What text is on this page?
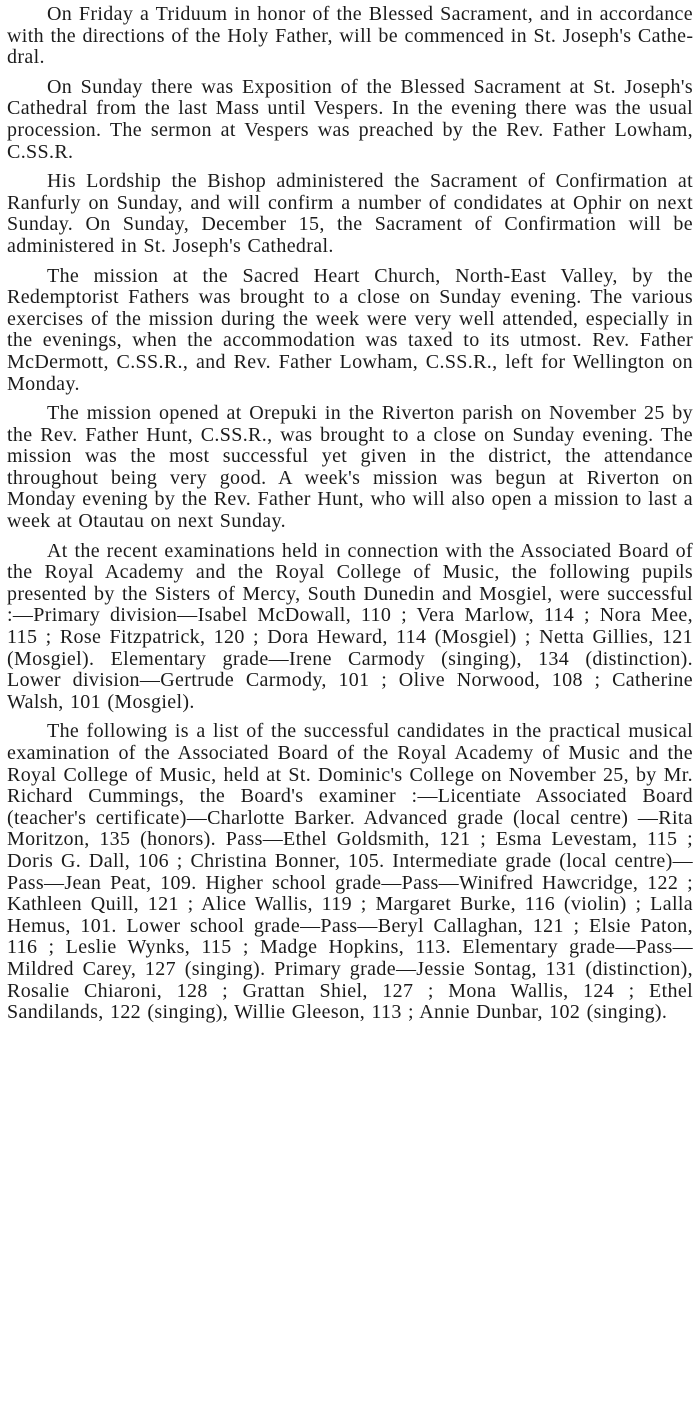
On Friday a Triduum in honor of the Blessed Sacrament, and in accordance with the directions of the Holy Father, will be commenced in St. Joseph's Cathedral.

On Sunday there was Exposition of the Blessed Sacrament at St. Joseph's Cathedral from the last Mass until Vespers. In the evening there was the usual procession. The sermon at Vespers was preached by the Rev. Father Lowham, C.SS.R.

His Lordship the Bishop administered the Sacrament of Confirmation at Ranfurly on Sunday, and will confirm a number of condidates at Ophir on next Sunday. On Sunday, December 15, the Sacrament of Confirmation will be administered in St. Joseph's Cathedral.

The mission at the Sacred Heart Church, North-East Valley, by the Redemptorist Fathers was brought to a close on Sunday evening. The various exercises of the mission during the week were very well attended, especially in the evenings, when the accommodation was taxed to its utmost. Rev. Father McDermott, C.SS.R., and Rev. Father Lowham, C.SS.R., left for Wellington on Monday.

The mission opened at Orepuki in the Riverton parish on November 25 by the Rev. Father Hunt, C.SS.R., was brought to a close on Sunday evening. The mission was the most successful yet given in the district, the attendance throughout being very good. A week's mission was begun at Riverton on Monday evening by the Rev. Father Hunt, who will also open a mission to last a week at Otautau on next Sunday.

At the recent examinations held in connection with the Associated Board of the Royal Academy and the Royal College of Music, the following pupils presented by the Sisters of Mercy, South Dunedin and Mosgiel, were successful :—Primary division—Isabel McDowall, 110 ; Vera Marlow, 114 ; Nora Mee, 115 ; Rose Fitzpatrick, 120 ; Dora Heward, 114 (Mosgiel) ; Netta Gillies, 121 (Mosgiel). Elementary grade—Irene Carmody (singing), 134 (distinction). Lower division—Gertrude Carmody, 101 ; Olive Norwood, 108 ; Catherine Walsh, 101 (Mosgiel).

The following is a list of the successful candidates in the practical musical examination of the Associated Board of the Royal Academy of Music and the Royal College of Music, held at St. Dominic's College on November 25, by Mr. Richard Cummings, the Board's examiner :—Licentiate Associated Board (teacher's certificate)—Charlotte Barker. Advanced grade (local centre) —Rita Moritzon, 135 (honors). Pass—Ethel Goldsmith, 121 ; Esma Levestam, 115 ; Doris G. Dall, 106 ; Christina Bonner, 105. Intermediate grade (local centre)—Pass—Jean Peat, 109. Higher school grade—Pass—Winifred Hawcridge, 122 ; Kathleen Quill, 121 ; Alice Wallis, 119 ; Margaret Burke, 116 (violin) ; Lalla Hemus, 101. Lower school grade—Pass—Beryl Callaghan, 121 ; Elsie Paton, 116 ; Leslie Wynks, 115 ; Madge Hopkins, 113. Elementary grade—Pass—Mildred Carey, 127 (singing). Primary grade—Jessie Sontag, 131 (distinction), Rosalie Chiaroni, 128 ; Grattan Shiel, 127 ; Mona Wallis, 124 ; Ethel Sandilands, 122 (singing), Willie Gleeson, 113 ; Annie Dunbar, 102 (singing).
